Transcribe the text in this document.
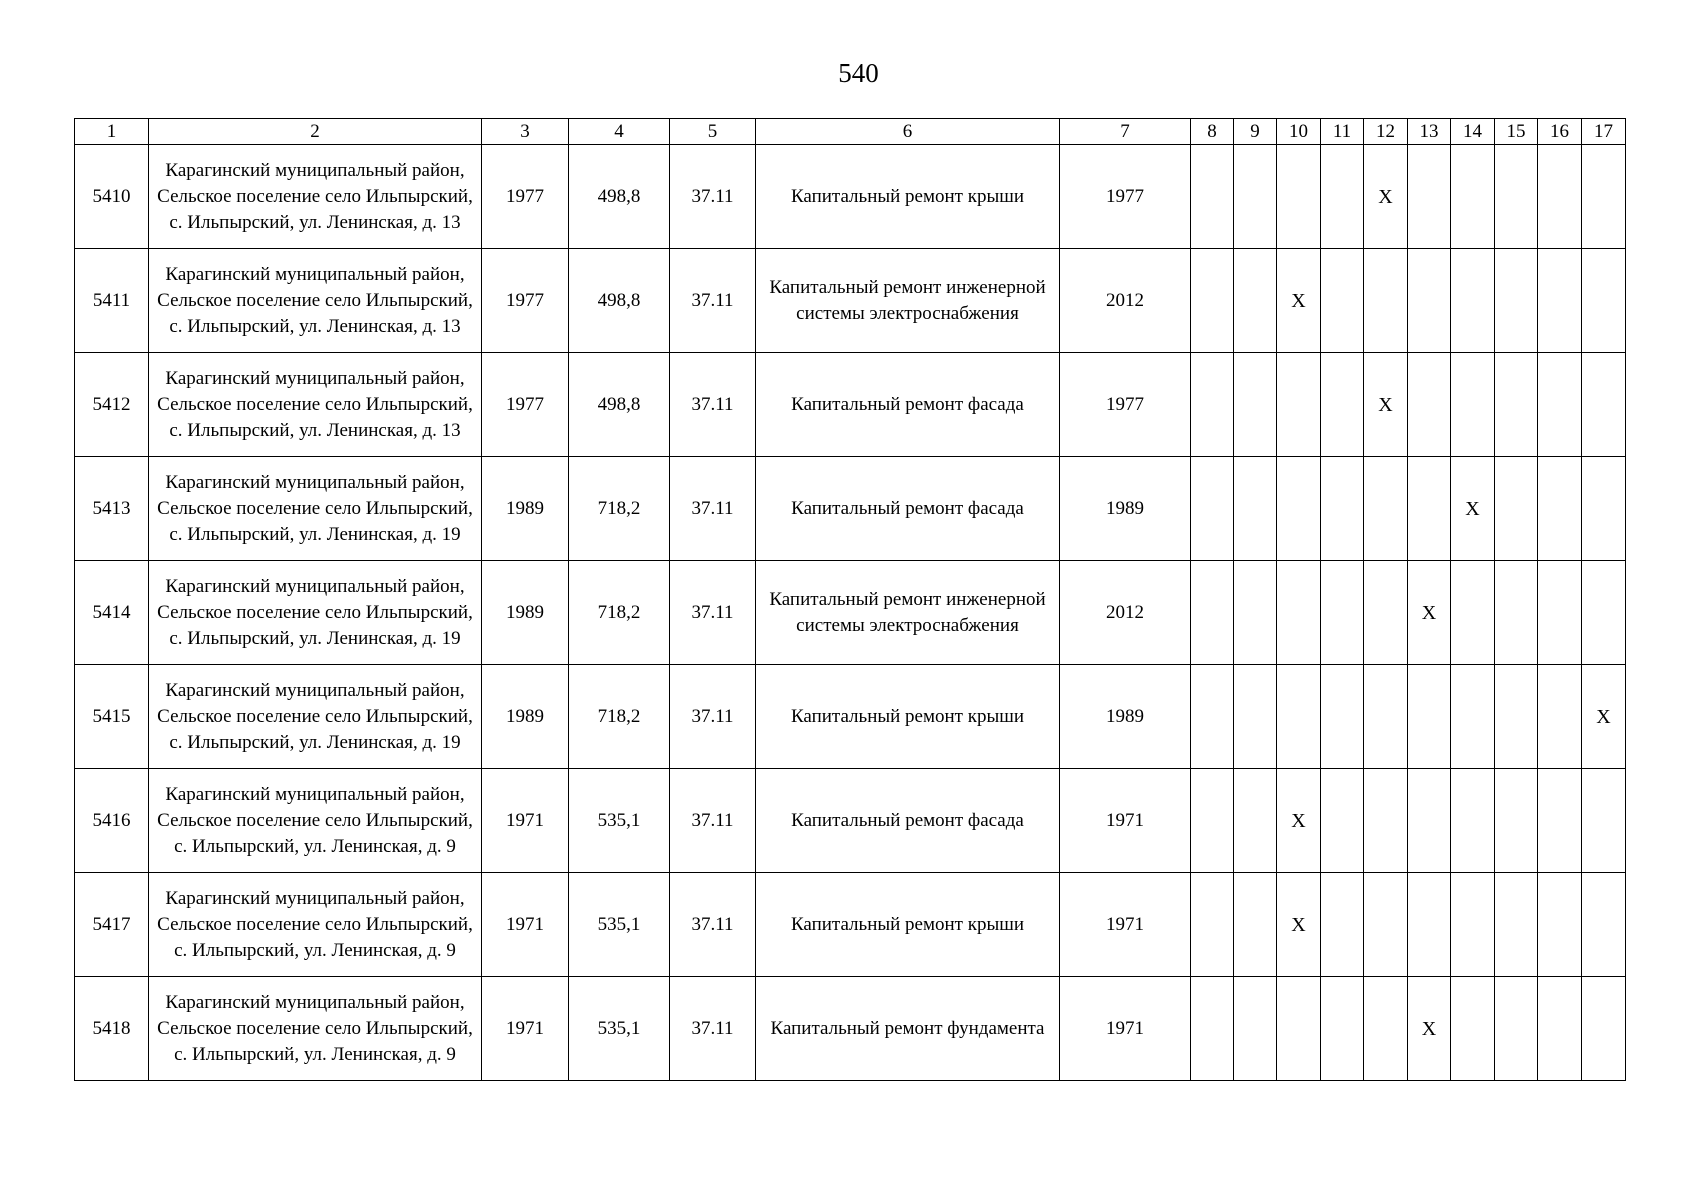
540
1	2	3	4	5	6	7	8	9	10	11	12	13	14	15	16	17
5410	Карагинский муниципальный район, Сельское поселение село Ильпырский, с. Ильпырский, ул. Ленинская, д. 13	1977	498,8	37.11	Капитальный ремонт крыши	1977					X					
5411	Карагинский муниципальный район, Сельское поселение село Ильпырский, с. Ильпырский, ул. Ленинская, д. 13	1977	498,8	37.11	Капитальный ремонт инженерной системы электроснабжения	2012			X							
5412	Карагинский муниципальный район, Сельское поселение село Ильпырский, с. Ильпырский, ул. Ленинская, д. 13	1977	498,8	37.11	Капитальный ремонт фасада	1977					X					
5413	Карагинский муниципальный район, Сельское поселение село Ильпырский, с. Ильпырский, ул. Ленинская, д. 19	1989	718,2	37.11	Капитальный ремонт фасада	1989							X			
5414	Карагинский муниципальный район, Сельское поселение село Ильпырский, с. Ильпырский, ул. Ленинская, д. 19	1989	718,2	37.11	Капитальный ремонт инженерной системы электроснабжения	2012						X				
5415	Карагинский муниципальный район, Сельское поселение село Ильпырский, с. Ильпырский, ул. Ленинская, д. 19	1989	718,2	37.11	Капитальный ремонт крыши	1989										X
5416	Карагинский муниципальный район, Сельское поселение село Ильпырский, с. Ильпырский, ул. Ленинская, д. 9	1971	535,1	37.11	Капитальный ремонт фасада	1971			X							
5417	Карагинский муниципальный район, Сельское поселение село Ильпырский, с. Ильпырский, ул. Ленинская, д. 9	1971	535,1	37.11	Капитальный ремонт крыши	1971			X							
5418	Карагинский муниципальный район, Сельское поселение село Ильпырский, с. Ильпырский, ул. Ленинская, д. 9	1971	535,1	37.11	Капитальный ремонт фундамента	1971						X				
